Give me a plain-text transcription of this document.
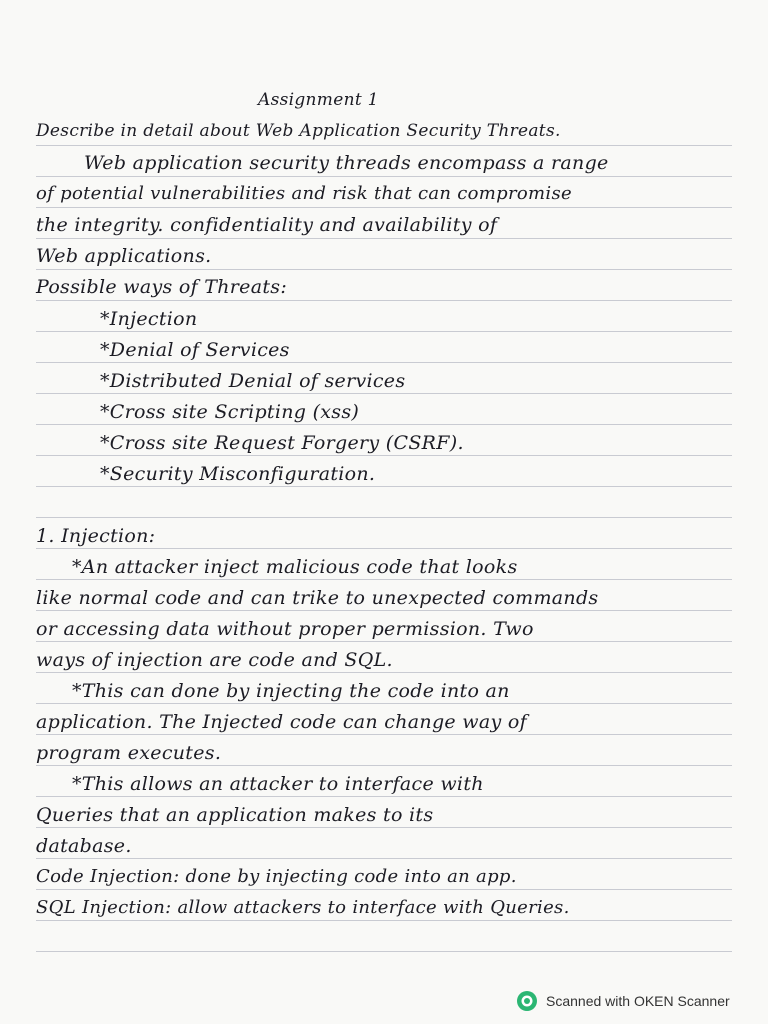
Assignment 1
Describe in detail about Web Application Security Threats.
Web application security threads encompass a range
of potential vulnerabilities and risk that can compromise
the integrity. confidentiality and availability of
Web applications.
Possible ways of Threats:
*Injection
*Denial of Services
*Distributed Denial of services
*Cross site Scripting (xss)
*Cross site Request Forgery (CSRF).
*Security Misconfiguration.
1. Injection:
*An attacker inject malicious code that looks
like normal code and can trike to unexpected commands
or accessing data without proper permission. Two
ways of injection are code and SQL.
*This can done by injecting the code into an
application. The Injected code can change way of
program executes.
*This allows an attacker to interface with
Queries that an application makes to its
database.
Code Injection: done by injecting code into an app.
SQL Injection: allow attackers to interface with Queries.
Scanned with OKEN Scanner
